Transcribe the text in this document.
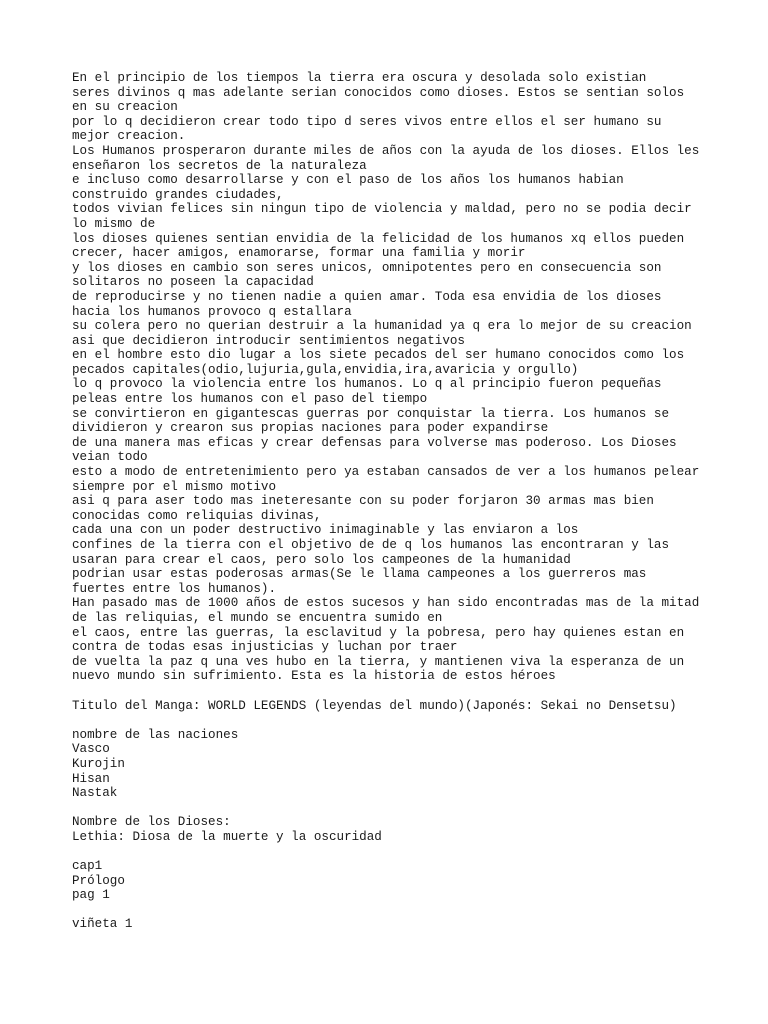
En el principio de los tiempos la tierra era oscura y desolada solo existian
seres divinos q mas adelante serian conocidos como dioses. Estos se sentian solos
en su creacion
por lo q decidieron crear todo tipo d seres vivos entre ellos el ser humano su
mejor creacion.
Los Humanos prosperaron durante miles de años con la ayuda de los dioses. Ellos les
enseñaron los secretos de la naturaleza
e incluso como desarrollarse y con el paso de los años los humanos habian
construido grandes ciudades,
todos vivian felices sin ningun tipo de violencia y maldad, pero no se podia decir
lo mismo de
los dioses quienes sentian envidia de la felicidad de los humanos xq ellos pueden
crecer, hacer amigos, enamorarse, formar una familia y morir
y los dioses en cambio son seres unicos, omnipotentes pero en consecuencia son
solitaros no poseen la capacidad
de reproducirse y no tienen nadie a quien amar. Toda esa envidia de los dioses
hacia los humanos provoco q estallara
su colera pero no querian destruir a la humanidad ya q era lo mejor de su creacion
asi que decidieron introducir sentimientos negativos
en el hombre esto dio lugar a los siete pecados del ser humano conocidos como los
pecados capitales(odio,lujuria,gula,envidia,ira,avaricia y orgullo)
lo q provoco la violencia entre los humanos. Lo q al principio fueron pequeñas
peleas entre los humanos con el paso del tiempo
se convirtieron en gigantescas guerras por conquistar la tierra. Los humanos se
dividieron y crearon sus propias naciones para poder expandirse
de una manera mas eficas y crear defensas para volverse mas poderoso. Los Dioses
veian todo
esto a modo de entretenimiento pero ya estaban cansados de ver a los humanos pelear
siempre por el mismo motivo
asi q para aser todo mas ineteresante con su poder forjaron 30 armas mas bien
conocidas como reliquias divinas,
cada una con un poder destructivo inimaginable y las enviaron a los
confines de la tierra con el objetivo de de q los humanos las encontraran y las
usaran para crear el caos, pero solo los campeones de la humanidad
podrian usar estas poderosas armas(Se le llama campeones a los guerreros mas
fuertes entre los humanos).
Han pasado mas de 1000 años de estos sucesos y han sido encontradas mas de la mitad
de las reliquias, el mundo se encuentra sumido en
el caos, entre las guerras, la esclavitud y la pobresa, pero hay quienes estan en
contra de todas esas injusticias y luchan por traer
de vuelta la paz q una ves hubo en la tierra, y mantienen viva la esperanza de un
nuevo mundo sin sufrimiento. Esta es la historia de estos héroes
Titulo del Manga: WORLD LEGENDS (leyendas del mundo)(Japonés: Sekai no Densetsu)
nombre de las naciones
Vasco
Kurojin
Hisan
Nastak
Nombre de los Dioses:
Lethia: Diosa de la muerte y la oscuridad
cap1
Prólogo
pag 1
viñeta 1
